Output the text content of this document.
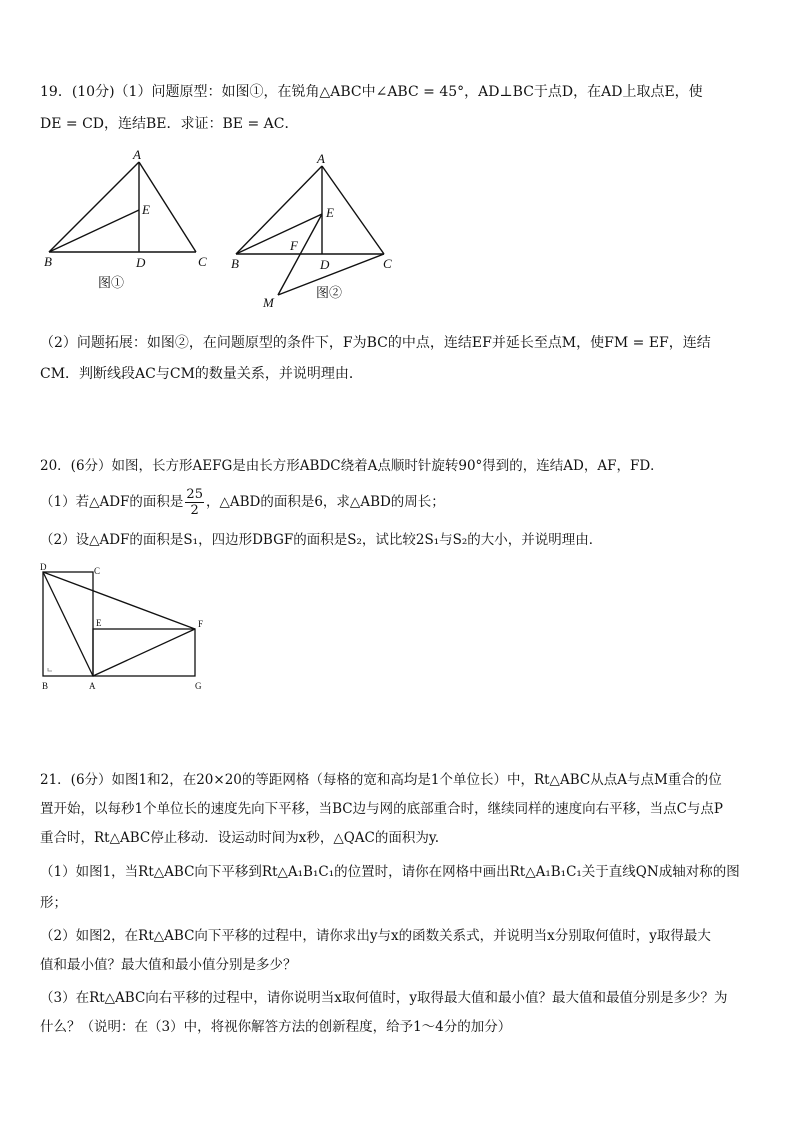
19．(10分)（1）问题原型：如图①，在锐角△ABC中∠ABC = 45°，AD⊥BC于点D，在AD上取点E，使
DE = CD，连结BE．求证：BE = AC．
A
E
B	D	C
图①
A
E
F
B	D	C
M
图②
（2）问题拓展：如图②，在问题原型的条件下，F为BC的中点，连结EF并延长至点M，使FM = EF，连结
CM．判断线段AC与CM的数量关系，并说明理由．
20．(6分）如图，长方形AEFG是由长方形ABDC绕着A点顺时针旋转90°得到的，连结AD，AF，FD．
（1）若△ADF的面积是 $\frac{25}{2}$ ，△ABD的面积是6，求△ABD的周长；
（2）设△ADF的面积是S₁，四边形DBGF的面积是S₂，试比较2S₁与S₂的大小，并说明理由．
D	C
E	F
B	A	G
21．(6分）如图1和2，在20×20的等距网格（每格的宽和高均是1个单位长）中，Rt△ABC从点A与点M重合的位
置开始，以每秒1个单位长的速度先向下平移，当BC边与网的底部重合时，继续同样的速度向右平移，当点C与点P
重合时，Rt△ABC停止移动．设运动时间为x秒，△QAC的面积为y.
（1）如图1，当Rt△ABC向下平移到Rt△A₁B₁C₁的位置时，请你在网格中画出Rt△A₁B₁C₁关于直线QN成轴对称的图
形；
（2）如图2，在Rt△ABC向下平移的过程中，请你求出y与x的函数关系式，并说明当x分别取何值时，y取得最大
值和最小值？最大值和最小值分别是多少？
（3）在Rt△ABC向右平移的过程中，请你说明当x取何值时，y取得最大值和最小值？最大值和最值分别是多少？为
什么？（说明：在（3）中，将视你解答方法的创新程度，给予1～4分的加分）
